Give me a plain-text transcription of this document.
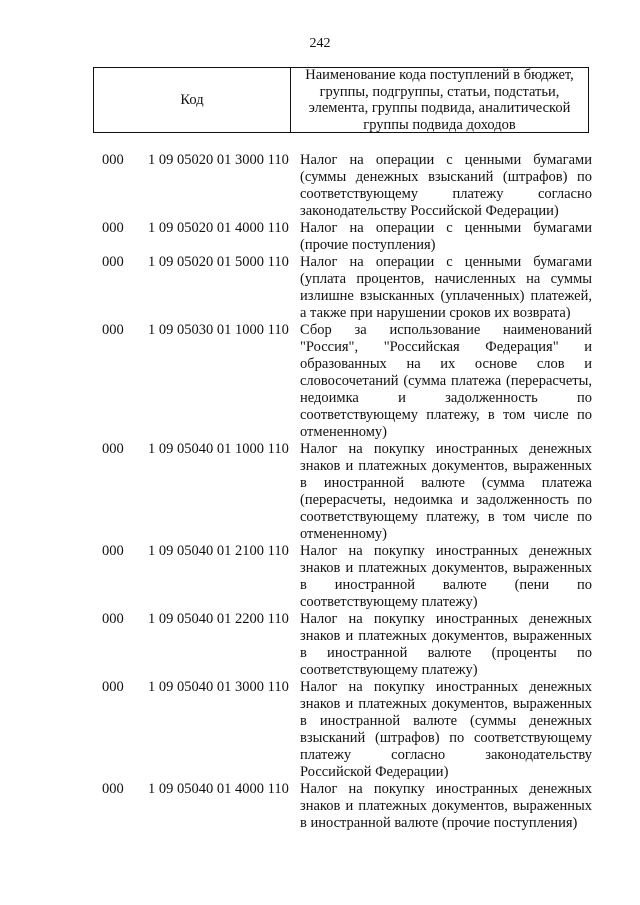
242
Код
Наименование кода поступлений в бюджет, группы, подгруппы, статьи, подстатьи, элемента, группы подвида, аналитической группы подвида доходов
000	1 09 05020 01 3000 110 Налог на операции с ценными бумагами
(суммы денежных взысканий (штрафов) по
соответствующему платежу согласно
законодательству Российской Федерации)
000	1 09 05020 01 4000 110 Налог на операции с ценными бумагами
(прочие поступления)
000	1 09 05020 01 5000 110 Налог на операции с ценными бумагами
(уплата процентов, начисленных на суммы
излишне взысканных (уплаченных) платежей,
а также при нарушении сроков их возврата)
000	1 09 05030 01 1000 110 Сбор за использование наименований
"Россия", "Российская Федерация" и
образованных на их основе слов и
словосочетаний (сумма платежа (перерасчеты,
недоимка и задолженность по
соответствующему платежу, в том числе по
отмененному)
000	1 09 05040 01 1000 110 Налог на покупку иностранных денежных
знаков и платежных документов, выраженных
в иностранной валюте (сумма платежа
(перерасчеты, недоимка и задолженность по
соответствующему платежу, в том числе по
отмененному)
000	1 09 05040 01 2100 110 Налог на покупку иностранных денежных
знаков и платежных документов, выраженных
в иностранной валюте (пени по
соответствующему платежу)
000	1 09 05040 01 2200 110 Налог на покупку иностранных денежных
знаков и платежных документов, выраженных
в иностранной валюте (проценты по
соответствующему платежу)
000	1 09 05040 01 3000 110 Налог на покупку иностранных денежных
знаков и платежных документов, выраженных
в иностранной валюте (суммы денежных
взысканий (штрафов) по соответствующему
платежу согласно законодательству
Российской Федерации)
000	1 09 05040 01 4000 110 Налог на покупку иностранных денежных
знаков и платежных документов, выраженных
в иностранной валюте (прочие поступления)
